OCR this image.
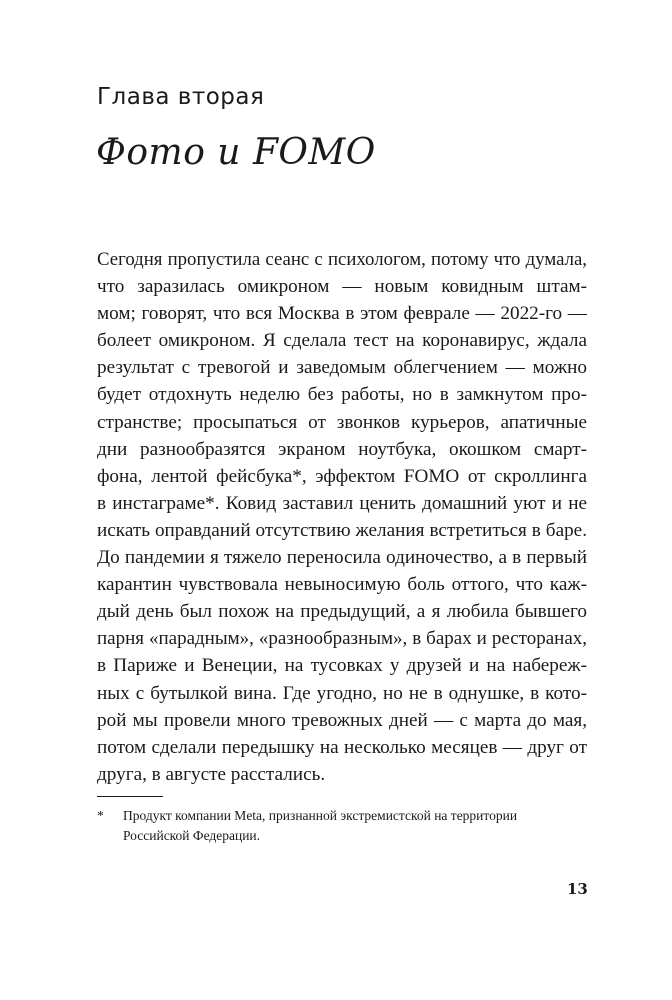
Глава вторая
Фото и FOMO
Сегодня пропустила сеанс с психологом, потому что думала,
что заразилась омикроном — новым ковидным штам-
мом; говорят, что вся Москва в этом феврале — 2022-го —
болеет омикроном. Я сделала тест на коронавирус, ждала
результат с тревогой и заведомым облегчением — можно
будет отдохнуть неделю без работы, но в замкнутом про-
странстве; просыпаться от звонков курьеров, апатичные
дни разнообразятся экраном ноутбука, окошком смарт-
фона, лентой фейсбука*, эффектом FOMO от скроллинга
в инстаграме*. Ковид заставил ценить домашний уют и не
искать оправданий отсутствию желания встретиться в баре.
До пандемии я тяжело переносила одиночество, а в первый
карантин чувствовала невыносимую боль оттого, что каж-
дый день был похож на предыдущий, а я любила бывшего
парня «парадным», «разнообразным», в барах и ресторанах,
в Париже и Венеции, на тусовках у друзей и на набереж-
ных с бутылкой вина. Где угодно, но не в однушке, в кото-
рой мы провели много тревожных дней — с марта до мая,
потом сделали передышку на несколько месяцев — друг от
друга, в августе расстались.
* Продукт компании Meta, признанной экстремистской на территории Российской Федерации.
13
